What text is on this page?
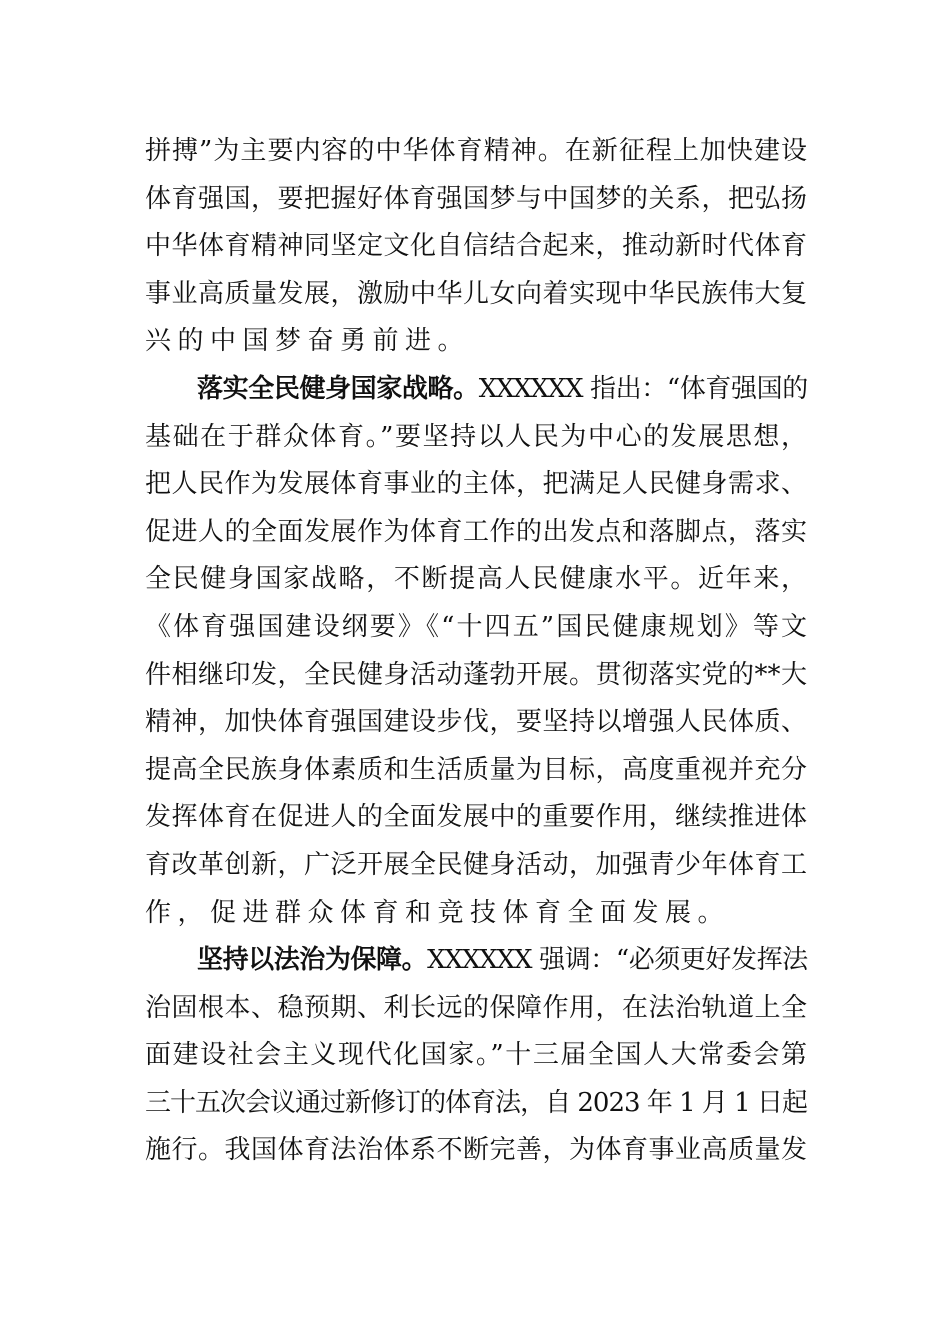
拼搏”为主要内容的中华体育精神。在新征程上加快建设
体育强国，要把握好体育强国梦与中国梦的关系，把弘扬
中华体育精神同坚定文化自信结合起来，推动新时代体育
事业高质量发展，激励中华儿女向着实现中华民族伟大复
兴的中国梦奋勇前进。
落实全民健身国家战略。XXXXXX 指出：“体育强国的
基础在于群众体育。”要坚持以人民为中心的发展思想，
把人民作为发展体育事业的主体，把满足人民健身需求、
促进人的全面发展作为体育工作的出发点和落脚点，落实
全民健身国家战略，不断提高人民健康水平。近年来，
《体育强国建设纲要》《“十四五”国民健康规划》等文
件相继印发，全民健身活动蓬勃开展。贯彻落实党的**大
精神，加快体育强国建设步伐，要坚持以增强人民体质、
提高全民族身体素质和生活质量为目标，高度重视并充分
发挥体育在促进人的全面发展中的重要作用，继续推进体
育改革创新，广泛开展全民健身活动，加强青少年体育工
作，促进群众体育和竞技体育全面发展。
坚持以法治为保障。XXXXXX 强调：“必须更好发挥法
治固根本、稳预期、利长远的保障作用，在法治轨道上全
面建设社会主义现代化国家。”十三届全国人大常委会第
三十五次会议通过新修订的体育法，自 2023 年 1 月 1 日起
施行。我国体育法治体系不断完善，为体育事业高质量发
